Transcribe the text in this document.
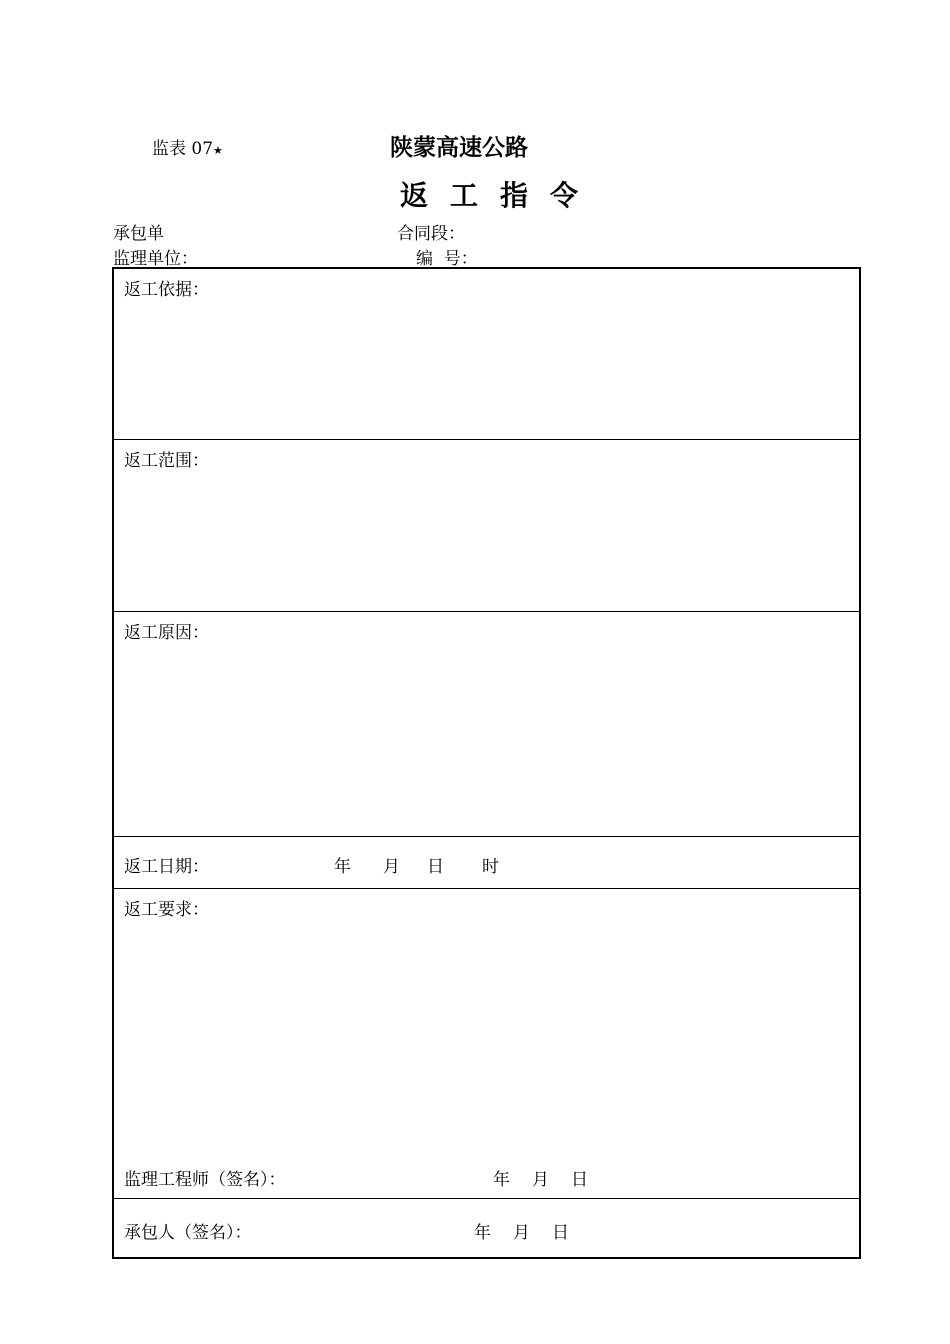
监表 07★	陕蒙高速公路
返工指令
承包单	合同段：
监理单位：	编  号：
返工依据：
返工范围：
返工原因：
返工日期：	年 月 日 时
返工要求：
监理工程师（签名）：	年 月 日
承包人（签名）：	年 月 日
